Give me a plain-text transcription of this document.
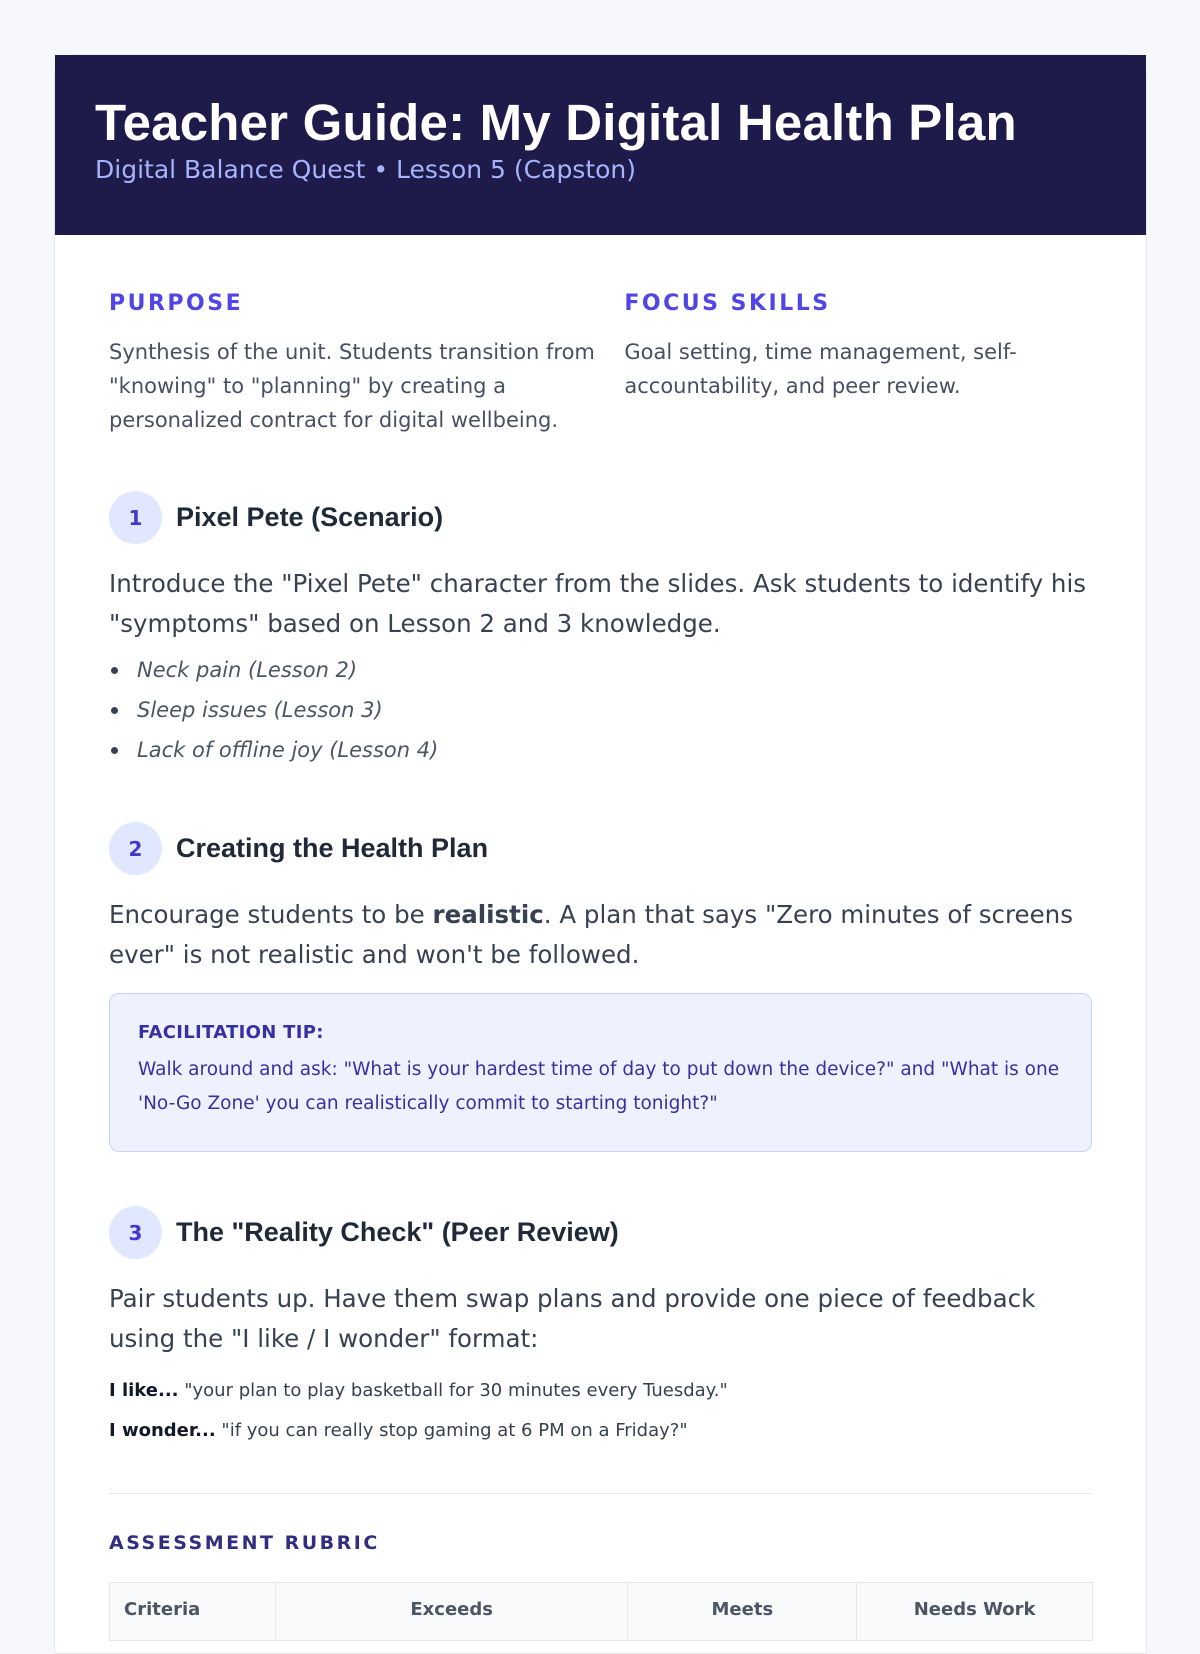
Teacher Guide: My Digital Health Plan
Digital Balance Quest • Lesson 5 (Capston)
PURPOSE

Synthesis of the unit. Students transition from "knowing" to "planning" by creating a personalized contract for digital wellbeing.

FOCUS SKILLS

Goal setting, time management, self-accountability, and peer review.

1	Pixel Pete (Scenario)
Introduce the "Pixel Pete" character from the slides. Ask students to identify his "symptoms" based on Lesson 2 and 3 knowledge.
Neck pain (Lesson 2)
Sleep issues (Lesson 3)
Lack of offline joy (Lesson 4)
2	Creating the Health Plan
Encourage students to be realistic. A plan that says "Zero minutes of screens ever" is not realistic and won't be followed.
FACILITATION TIP:
Walk around and ask: "What is your hardest time of day to put down the device?" and "What is one 'No-Go Zone' you can realistically commit to starting tonight?"
3	The "Reality Check" (Peer Review)
Pair students up. Have them swap plans and provide one piece of feedback using the "I like / I wonder" format:
I like... "your plan to play basketball for 30 minutes every Tuesday."
I wonder... "if you can really stop gaming at 6 PM on a Friday?"
ASSESSMENT RUBRIC
Criteria	Exceeds	Meets	Needs Work
